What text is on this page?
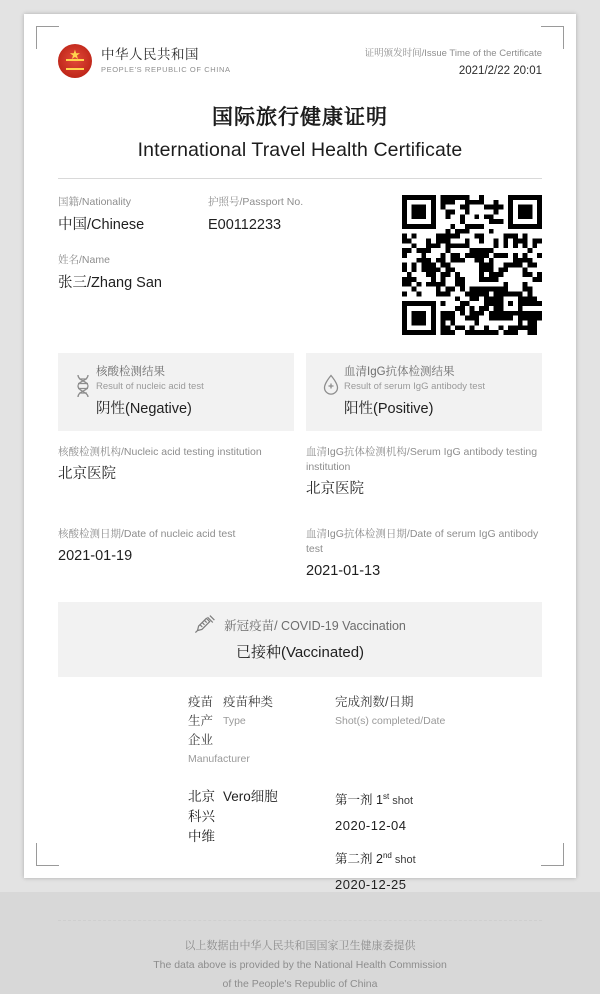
★
中华人民共和国
PEOPLE'S REPUBLIC OF CHINA
证明颁发时间/Issue Time of the Certificate
2021/2/22 20:01
国际旅行健康证明
International Travel Health Certificate
国籍/Nationality
中国/Chinese
护照号/Passport No.
E00112233
姓名/Name
张三/Zhang San
核酸检测结果
Result of nucleic acid test
阴性(Negative)
血清IgG抗体检测结果
Result of serum IgG antibody test
阳性(Positive)
核酸检测机构/Nucleic acid testing institution
北京医院
血清IgG抗体检测机构/Serum IgG antibody testing institution
北京医院
核酸检测日期/Date of nucleic acid test
2021-01-19
血清IgG抗体检测日期/Date of serum IgG antibody test
2021-01-13
新冠疫苗/ COVID-19 Vaccination
已接种(Vaccinated)
疫苗生产企业
Manufacturer
疫苗种类
Type
完成剂数/日期
Shot(s) completed/Date
北京科兴中维
Vero细胞	第一剂 1st shot
2020-12-04
第二剂 2nd shot
2020-12-25
以上数据由中华人民共和国国家卫生健康委提供
The data above is provided by the National Health Commission
of the People's Republic of China
